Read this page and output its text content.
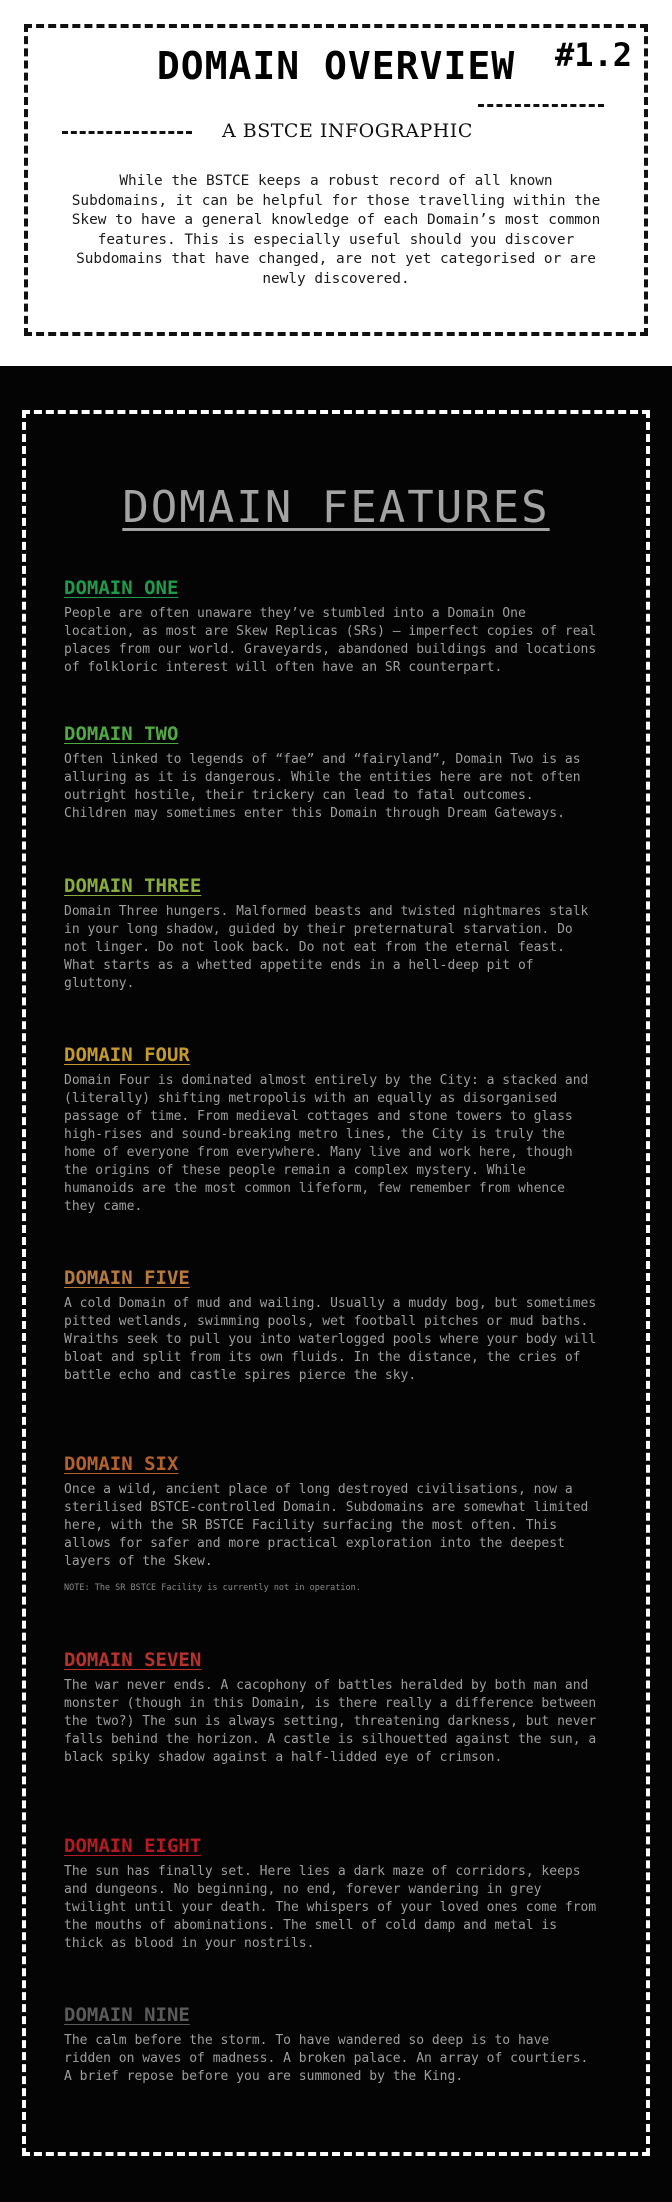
DOMAIN OVERVIEW	#1.2
A BSTCE INFOGRAPHIC
While the BSTCE keeps a robust record of all known Subdomains, it can be helpful for those travelling within the Skew to have a general knowledge of each Domain’s most common features. This is especially useful should you discover Subdomains that have changed, are not yet categorised or are newly discovered.
DOMAIN FEATURES
DOMAIN ONE

People are often unaware they’ve stumbled into a Domain One location, as most are Skew Replicas (SRs) – imperfect copies of real places from our world. Graveyards, abandoned buildings and locations of folkloric interest will often have an SR counterpart.

DOMAIN TWO

Often linked to legends of “fae” and “fairyland”, Domain Two is as alluring as it is dangerous. While the entities here are not often outright hostile, their trickery can lead to fatal outcomes. Children may sometimes enter this Domain through Dream Gateways.

DOMAIN THREE

Domain Three hungers. Malformed beasts and twisted nightmares stalk in your long shadow, guided by their preternatural starvation. Do not linger. Do not look back. Do not eat from the eternal feast. What starts as a whetted appetite ends in a hell-deep pit of gluttony.

DOMAIN FOUR

Domain Four is dominated almost entirely by the City: a stacked and (literally) shifting metropolis with an equally as disorganised passage of time. From medieval cottages and stone towers to glass high-rises and sound-breaking metro lines, the City is truly the home of everyone from everywhere. Many live and work here, though the origins of these people remain a complex mystery. While humanoids are the most common lifeform, few remember from whence they came.

DOMAIN FIVE

A cold Domain of mud and wailing. Usually a muddy bog, but sometimes pitted wetlands, swimming pools, wet football pitches or mud baths. Wraiths seek to pull you into waterlogged pools where your body will bloat and split from its own fluids. In the distance, the cries of battle echo and castle spires pierce the sky.

DOMAIN SIX

Once a wild, ancient place of long destroyed civilisations, now a sterilised BSTCE-controlled Domain. Subdomains are somewhat limited here, with the SR BSTCE Facility surfacing the most often. This allows for safer and more practical exploration into the deepest layers of the Skew.

NOTE: The SR BSTCE Facility is currently not in operation.
DOMAIN SEVEN

The war never ends. A cacophony of battles heralded by both man and monster (though in this Domain, is there really a difference between the two?) The sun is always setting, threatening darkness, but never falls behind the horizon. A castle is silhouetted against the sun, a black spiky shadow against a half-lidded eye of crimson.

DOMAIN EIGHT

The sun has finally set. Here lies a dark maze of corridors, keeps and dungeons. No beginning, no end, forever wandering in grey twilight until your death. The whispers of your loved ones come from the mouths of abominations. The smell of cold damp and metal is thick as blood in your nostrils.

DOMAIN NINE

The calm before the storm. To have wandered so deep is to have ridden on waves of madness. A broken palace. An array of courtiers. A brief repose before you are summoned by the King.
